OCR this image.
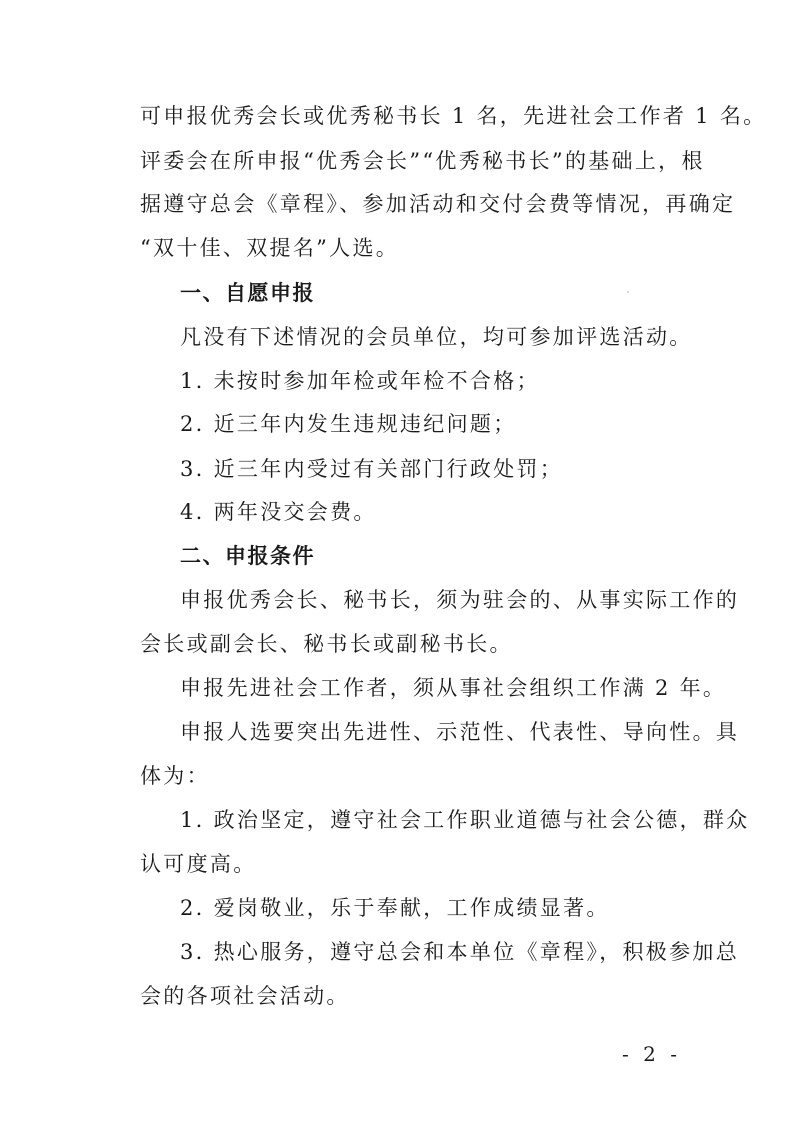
可申报优秀会长或优秀秘书长 1 名，先进社会工作者 1 名。
评委会在所申报“优秀会长”“优秀秘书长”的基础上，根
据遵守总会《章程》、参加活动和交付会费等情况，再确定
“双十佳、双提名”人选。
一、自愿申报
凡没有下述情况的会员单位，均可参加评选活动。
1. 未按时参加年检或年检不合格；
2. 近三年内发生违规违纪问题；
3. 近三年内受过有关部门行政处罚；
4. 两年没交会费。
二、申报条件
申报优秀会长、秘书长，须为驻会的、从事实际工作的
会长或副会长、秘书长或副秘书长。
申报先进社会工作者，须从事社会组织工作满 2 年。
申报人选要突出先进性、示范性、代表性、导向性。具
体为：
1. 政治坚定，遵守社会工作职业道德与社会公德，群众
认可度高。
2. 爱岗敬业，乐于奉献，工作成绩显著。
3. 热心服务，遵守总会和本单位《章程》，积极参加总
会的各项社会活动。
- 2 -
